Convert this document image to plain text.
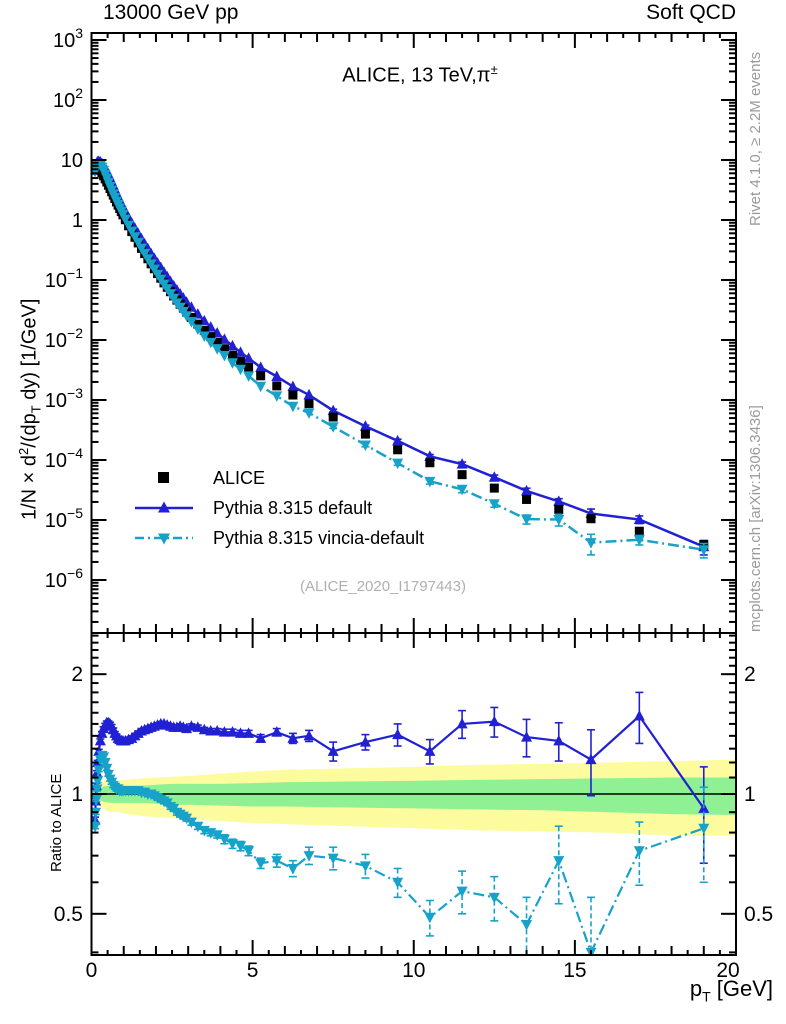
$10^3$
$10^2$
10
1
$10^{-1}$
$10^{-2}$
$10^{-3}$
$10^{-4}$
$10^{-5}$
$10^{-6}$
0	5	10	15	20
2	2
1	1
0.5	0.5
13000 GeV pp	Soft QCD
ALICE, 13 TeV,π±
$1/N \times d^2/(dp_T$ dy) [1/GeV]
Ratio to ALICE
$p_T$ [GeV]
Rivet 4.1.0, ≥ 2.2M events
mcplots.cern.ch [arXiv:1306.3436]
(ALICE_2020_I1797443)
ALICE
Pythia 8.315 default
Pythia 8.315 vincia-default
